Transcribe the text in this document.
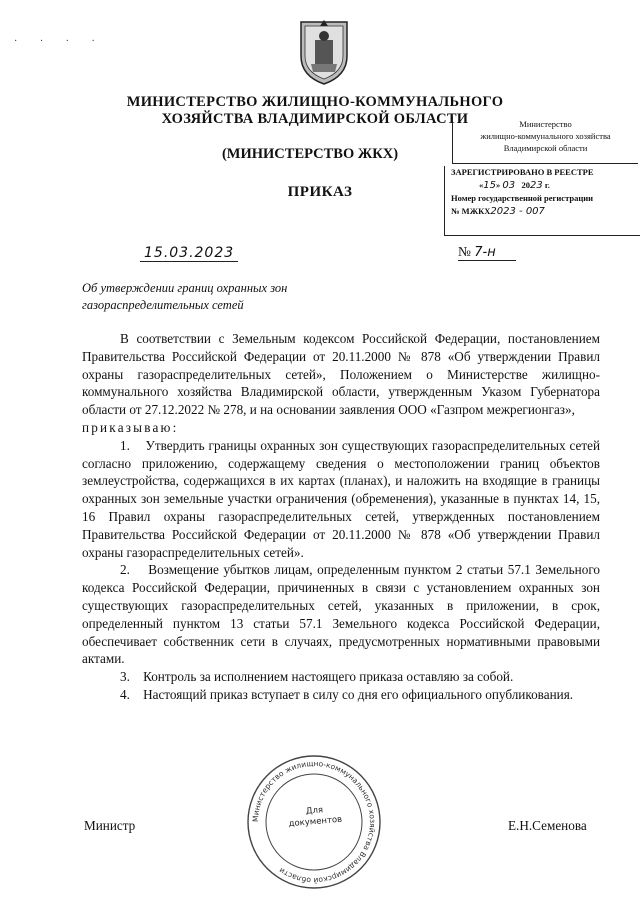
· · · ·
МИНИСТЕРСТВО ЖИЛИЩНО-КОММУНАЛЬНОГО
ХОЗЯЙСТВА ВЛАДИМИРСКОЙ ОБЛАСТИ
(МИНИСТЕРСТВО ЖКХ)
ПРИКАЗ
Министерство
жилищно-коммунального хозяйства
Владимирской области
ЗАРЕГИСТРИРОВАНО В РЕЕСТРЕ
«15» 03 2023 г.
Номер государственной регистрации
№ МЖКХ2023 - 007
15.03.2023	№ 7-н
Об утверждении границ охранных зон
газораспределительных сетей

В соответствии с Земельным кодексом Российской Федерации, постановлением Правительства Российской Федерации от 20.11.2000 № 878 «Об утверждении Правил охраны газораспределительных сетей», Положением о Министерстве жилищно-коммунального хозяйства Владимирской области, утвержденным Указом Губернатора области от 27.12.2022 № 278, и на основании заявления ООО «Газпром межрегионгаз»,

приказываю:

1.    Утвердить границы охранных зон существующих газораспределительных сетей согласно приложению, содержащему сведения о местоположении границ объектов землеустройства, содержащихся в их картах (планах), и наложить на входящие в границы охранных зон земельные участки ограничения (обременения), указанные в пунктах 14, 15, 16 Правил охраны газораспределительных сетей, утвержденных постановлением Правительства Российской Федерации от 20.11.2000 № 878 «Об утверждении Правил охраны газораспределительных сетей».

2.    Возмещение убытков лицам, определенным пунктом 2 статьи 57.1 Земельного кодекса Российской Федерации, причиненных в связи с установлением охранных зон существующих газораспределительных сетей, указанных в приложении, в срок, определенный пунктом 13 статьи 57.1 Земельного кодекса Российской Федерации, обеспечивает собственник сети в случаях, предусмотренных нормативными правовыми актами.

3.    Контроль за исполнением настоящего приказа оставляю за собой.

4.    Настоящий приказ вступает в силу со дня его официального опубликования.

Министерство жилищно-коммунального хозяйства Владимирской области
Для
документов
Министр	Е.Н.Семенова
